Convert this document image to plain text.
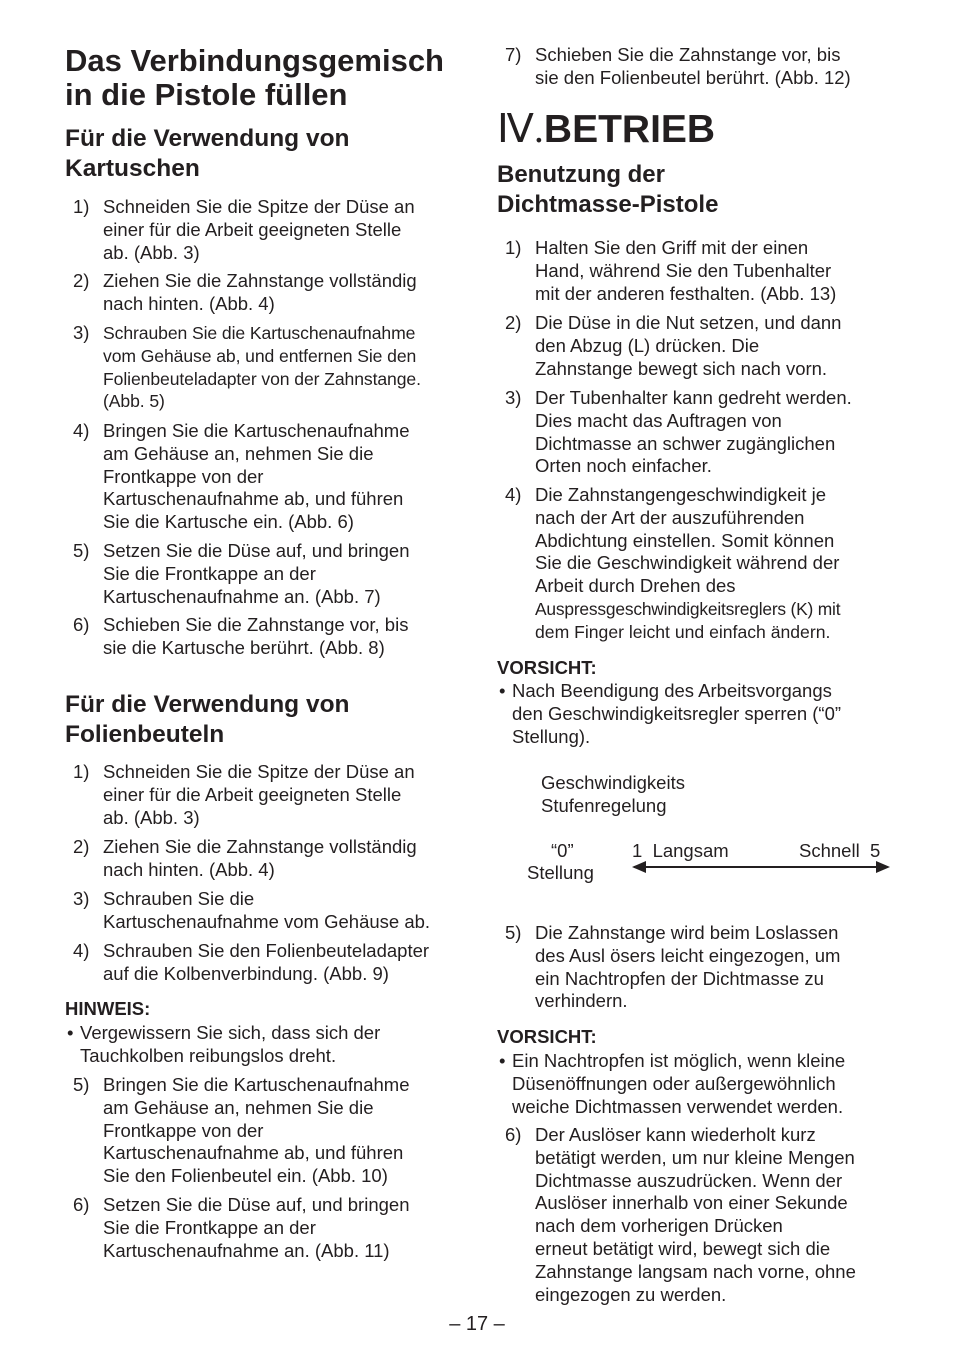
Das Verbindungsgemisch
in die Pistole füllen
Für die Verwendung von
Kartuschen
1) Schneiden Sie die Spitze der Düse an
einer für die Arbeit geeigneten Stelle
ab. (Abb. 3)
2) Ziehen Sie die Zahnstange vollständig
nach hinten. (Abb. 4)
3) Schrauben Sie die Kartuschenaufnahme
vom Gehäuse ab, und entfernen Sie den
Folienbeuteladapter von der Zahnstange.
(Abb. 5)
4) Bringen Sie die Kartuschenaufnahme
am Gehäuse an, nehmen Sie die
Frontkappe von der
Kartuschenaufnahme ab, und führen
Sie die Kartusche ein. (Abb. 6)
5) Setzen Sie die Düse auf, und bringen
Sie die Frontkappe an der
Kartuschenaufnahme an. (Abb. 7)
6) Schieben Sie die Zahnstange vor, bis
sie die Kartusche berührt. (Abb. 8)
Für die Verwendung von
Folienbeuteln
1) Schneiden Sie die Spitze der Düse an
einer für die Arbeit geeigneten Stelle
ab. (Abb. 3)
2) Ziehen Sie die Zahnstange vollständig
nach hinten. (Abb. 4)
3) Schrauben Sie die
Kartuschenaufnahme vom Gehäuse ab.
4) Schrauben Sie den Folienbeuteladapter
auf die Kolbenverbindung. (Abb. 9)
HINWEIS:
• Vergewissern Sie sich, dass sich der
Tauchkolben reibungslos dreht.
5) Bringen Sie die Kartuschenaufnahme
am Gehäuse an, nehmen Sie die
Frontkappe von der
Kartuschenaufnahme ab, und führen
Sie den Folienbeutel ein. (Abb. 10)
6) Setzen Sie die Düse auf, und bringen
Sie die Frontkappe an der
Kartuschenaufnahme an. (Abb. 11)
7) Schieben Sie die Zahnstange vor, bis
sie den Folienbeutel berührt. (Abb. 12)
Ⅳ.BETRIEB
Benutzung der
Dichtmasse-Pistole
1) Halten Sie den Griff mit der einen
Hand, während Sie den Tubenhalter
mit der anderen festhalten. (Abb. 13)
2) Die Düse in die Nut setzen, und dann
den Abzug (L) drücken. Die
Zahnstange bewegt sich nach vorn.
3) Der Tubenhalter kann gedreht werden.
Dies macht das Auftragen von
Dichtmasse an schwer zugänglichen
Orten noch einfacher.
4) Die Zahnstangengeschwindigkeit je
nach der Art der auszuführenden
Abdichtung einstellen. Somit können
Sie die Geschwindigkeit während der
Arbeit durch Drehen des
Auspressgeschwindigkeitsreglers (K) mit
dem Finger leicht und einfach ändern.
VORSICHT:
• Nach Beendigung des Arbeitsvorgangs
den Geschwindigkeitsregler sperren (“0”
Stellung).
Geschwindigkeits
Stufenregelung
“0”
Stellung
1  Langsam	Schnell  5
5) Die Zahnstange wird beim Loslassen
des Ausl ösers leicht eingezogen, um
ein Nachtropfen der Dichtmasse zu
verhindern.
VORSICHT:
• Ein Nachtropfen ist möglich, wenn kleine
Düsenöffnungen oder außergewöhnlich
weiche Dichtmassen verwendet werden.
6) Der Auslöser kann wiederholt kurz
betätigt werden, um nur kleine Mengen
Dichtmasse auszudrücken. Wenn der
Auslöser innerhalb von einer Sekunde
nach dem vorherigen Drücken
erneut betätigt wird, bewegt sich die
Zahnstange langsam nach vorne, ohne
eingezogen zu werden.
– 17 –
